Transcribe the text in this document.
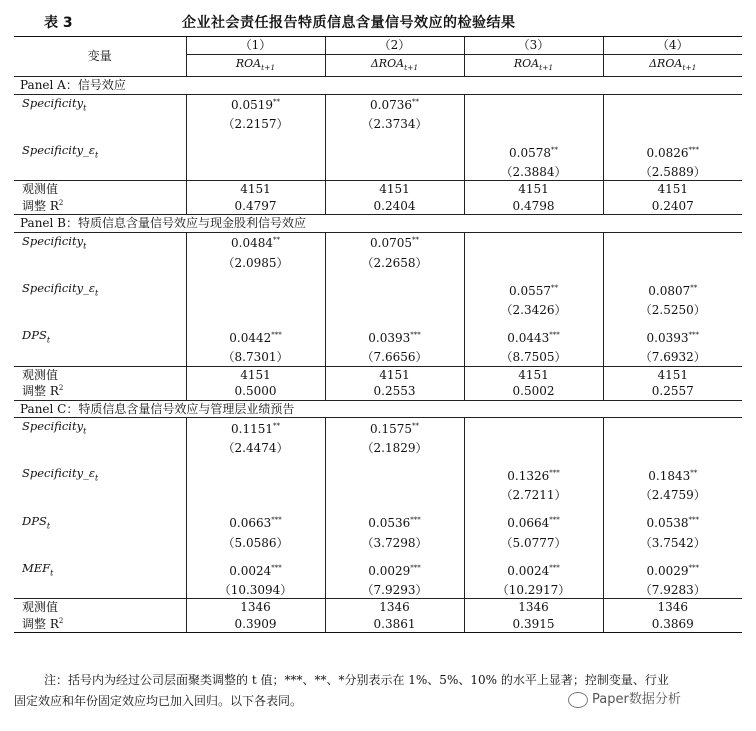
表 3	企业社会责任报告特质信息含量信号效应的检验结果
变量	（1）	（2）	（3）	（4）
	$ROA_{t+1}$	$\Delta ROA_{t+1}$	$ROA_{t+1}$	$\Delta ROA_{t+1}$
Panel A：信号效应				
Specificity$_t$	0.0519**	0.0736**		
	（2.2157）	（2.3734）		

$Specificity\_\varepsilon_t$			0.0578**	0.0826***
			（2.3884）	（2.5889）
观测值	4151	4151	4151	4151
调整 $R^2$	0.4797	0.2404	0.4798	0.2407
Panel B：特质信息含量信号效应与现金股利信号效应				
Specificity$_t$	0.0484**	0.0705**		
	（2.0985）	（2.2658）		

$Specificity\_\varepsilon_t$			0.0557**	0.0807**
			（2.3426）	（2.5250）

$DPS_t$	0.0442***	0.0393***	0.0443***	0.0393***
	（8.7301）	（7.6656）	（8.7505）	（7.6932）
观测值	4151	4151	4151	4151
调整 $R^2$	0.5000	0.2553	0.5002	0.2557
Panel C：特质信息含量信号效应与管理层业绩预告				
Specificity$_t$	0.1151**	0.1575**		
	（2.4474）	（2.1829）		

$Specificity\_\varepsilon_t$			0.1326***	0.1843**
			（2.7211）	（2.4759）

$DPS_t$	0.0663***	0.0536***	0.0664***	0.0538***
	（5.0586）	（3.7298）	（5.0777）	（3.7542）

$MEF_t$	0.0024***	0.0029***	0.0024***	0.0029***
	（10.3094）	（7.9293）	（10.2917）	（7.9283）
观测值	1346	1346	1346	1346
调整 $R^2$	0.3909	0.3861	0.3915	0.3869

注：括号内为经过公司层面聚类调整的 t 值；***、**、*分别表示在 1%、5%、10% 的水平上显著；控制变量、行业

固定效应和年份固定效应均已加入回归。以下各表同。	Paper数据分析
